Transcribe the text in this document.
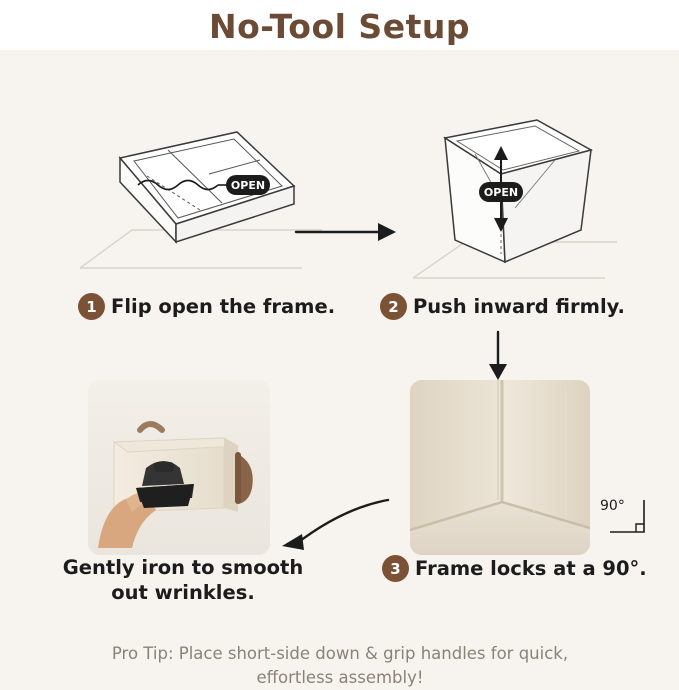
No-Tool Setup
OPEN
OPEN
1 Flip open the frame.	2 Push inward firmly.
90°
3 Frame locks at a 90°.
Gently iron to smooth
out wrinkles.
Pro Tip: Place short-side down & grip handles for quick,
effortless assembly!
